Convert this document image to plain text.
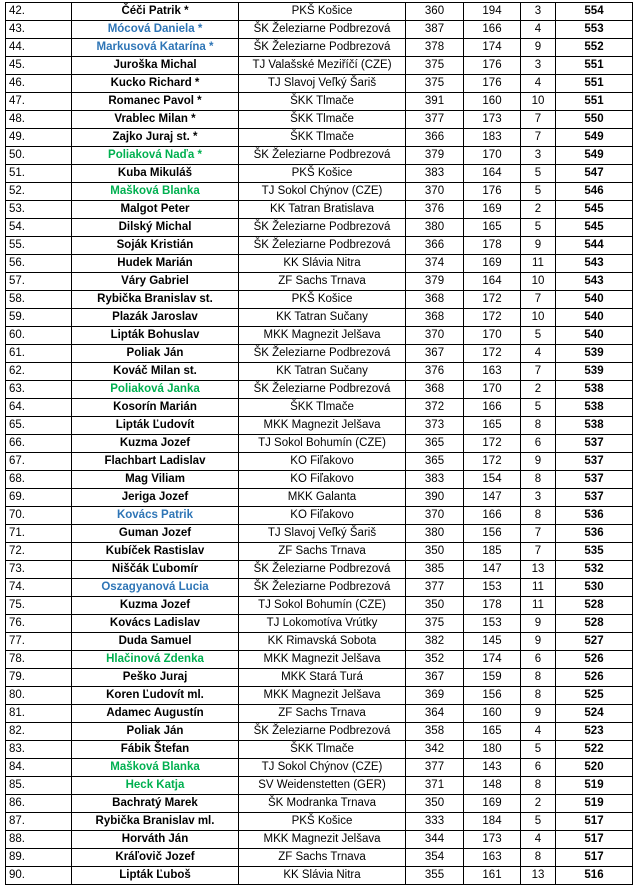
42.	Čéči Patrik *	PKŠ Košice	360	194	3	554
43.	Mócová Daniela *	ŠK Železiarne Podbrezová	387	166	4	553
44.	Markusová Katarína *	ŠK Železiarne Podbrezová	378	174	9	552
45.	Juroška Michal	TJ Valašské Meziříčí (CZE)	375	176	3	551
46.	Kucko Richard *	TJ Slavoj Veľký Šariš	375	176	4	551
47.	Romanec Pavol *	ŠKK Tlmače	391	160	10	551
48.	Vrablec Milan *	ŠKK Tlmače	377	173	7	550
49.	Zajko Juraj st. *	ŠKK Tlmače	366	183	7	549
50.	Poliaková Naďa *	ŠK Železiarne Podbrezová	379	170	3	549
51.	Kuba Mikuláš	PKŠ Košice	383	164	5	547
52.	Mašková Blanka	TJ Sokol Chýnov (CZE)	370	176	5	546
53.	Malgot Peter	KK Tatran Bratislava	376	169	2	545
54.	Dilský Michal	ŠK Železiarne Podbrezová	380	165	5	545
55.	Soják Kristián	ŠK Železiarne Podbrezová	366	178	9	544
56.	Hudek Marián	KK Slávia Nitra	374	169	11	543
57.	Váry Gabriel	ZF Sachs Trnava	379	164	10	543
58.	Rybička Branislav st.	PKŠ Košice	368	172	7	540
59.	Plazák Jaroslav	KK Tatran Sučany	368	172	10	540
60.	Lipták Bohuslav	MKK Magnezit Jelšava	370	170	5	540
61.	Poliak Ján	ŠK Železiarne Podbrezová	367	172	4	539
62.	Kováč Milan st.	KK Tatran Sučany	376	163	7	539
63.	Poliaková Janka	ŠK Železiarne Podbrezová	368	170	2	538
64.	Kosorín Marián	ŠKK Tlmače	372	166	5	538
65.	Lipták Ľudovít	MKK Magnezit Jelšava	373	165	8	538
66.	Kuzma Jozef	TJ Sokol Bohumín (CZE)	365	172	6	537
67.	Flachbart Ladislav	KO Fiľakovo	365	172	9	537
68.	Mag Viliam	KO Fiľakovo	383	154	8	537
69.	Jeriga Jozef	MKK Galanta	390	147	3	537
70.	Kovács Patrik	KO Fiľakovo	370	166	8	536
71.	Guman Jozef	TJ Slavoj Veľký Šariš	380	156	7	536
72.	Kubíček Rastislav	ZF Sachs Trnava	350	185	7	535
73.	Niščák Ľubomír	ŠK Železiarne Podbrezová	385	147	13	532
74.	Oszagyanová Lucia	ŠK Železiarne Podbrezová	377	153	11	530
75.	Kuzma Jozef	TJ Sokol Bohumín (CZE)	350	178	11	528
76.	Kovács Ladislav	TJ Lokomotíva Vrútky	375	153	9	528
77.	Duda Samuel	KK Rimavská Sobota	382	145	9	527
78.	Hlačinová Zdenka	MKK Magnezit Jelšava	352	174	6	526
79.	Peško Juraj	MKK Stará Turá	367	159	8	526
80.	Koren Ľudovít ml.	MKK Magnezit Jelšava	369	156	8	525
81.	Adamec Augustín	ZF Sachs Trnava	364	160	9	524
82.	Poliak Ján	ŠK Železiarne Podbrezová	358	165	4	523
83.	Fábik Štefan	ŠKK Tlmače	342	180	5	522
84.	Mašková Blanka	TJ Sokol Chýnov (CZE)	377	143	6	520
85.	Heck Katja	SV Weidenstetten (GER)	371	148	8	519
86.	Bachratý Marek	ŠK Modranka Trnava	350	169	2	519
87.	Rybička Branislav ml.	PKŠ Košice	333	184	5	517
88.	Horváth Ján	MKK Magnezit Jelšava	344	173	4	517
89.	Kráľovič Jozef	ZF Sachs Trnava	354	163	8	517
90.	Lipták Ľuboš	KK Slávia Nitra	355	161	13	516
